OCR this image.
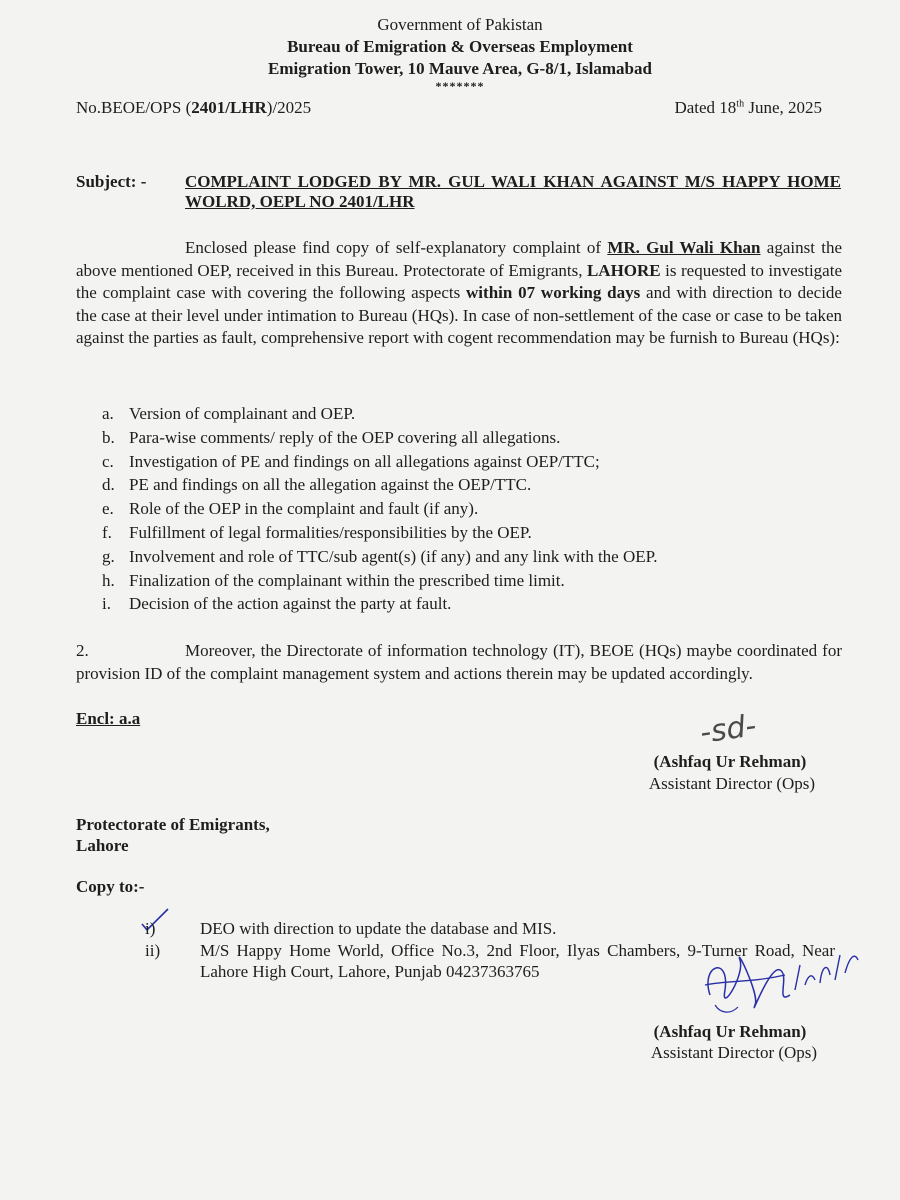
Government of Pakistan

Bureau of Emigration & Overseas Employment

Emigration Tower, 10 Mauve Area, G-8/1, Islamabad

*******

No.BEOE/OPS (2401/LHR)/2025	Dated 18th June, 2025

Subject: - COMPLAINT LODGED BY MR. GUL WALI KHAN AGAINST M/S HAPPY HOME WOLRD, OEPL NO 2401/LHR

Enclosed please find copy of self-explanatory complaint of MR. Gul Wali Khan against the above mentioned OEP, received in this Bureau. Protectorate of Emigrants, LAHORE is requested to investigate the complaint case with covering the following aspects within 07 working days and with direction to decide the case at their level under intimation to Bureau (HQs). In case of non-settlement of the case or case to be taken against the parties as fault, comprehensive report with cogent recommendation may be furnish to Bureau (HQs):

a. Version of complainant and OEP.
b. Para-wise comments/ reply of the OEP covering all allegations.
c. Investigation of PE and findings on all allegations against OEP/TTC;
d. PE and findings on all the allegation against the OEP/TTC.
e. Role of the OEP in the complaint and fault (if any).
f.	Fulfillment of legal formalities/responsibilities by the OEP.
g. Involvement and role of TTC/sub agent(s) (if any) and any link with the OEP.
h. Finalization of the complainant within the prescribed time limit.
i.	Decision of the action against the party at fault.

2.	Moreover, the Directorate of information technology (IT), BEOE (HQs) maybe coordinated for provision ID of the complaint management system and actions therein may be updated accordingly.

Encl: a.a	-sd-

(Ashfaq Ur Rehman)

Assistant Director (Ops)

Protectorate of Emigrants,

Lahore

Copy to:-

i)	DEO with direction to update the database and MIS.
ii)	M/S Happy Home World, Office No.3, 2nd Floor, Ilyas Chambers, 9-Turner Road, Near Lahore High Court, Lahore, Punjab 04237363765

(Ashfaq Ur Rehman)

Assistant Director (Ops)
